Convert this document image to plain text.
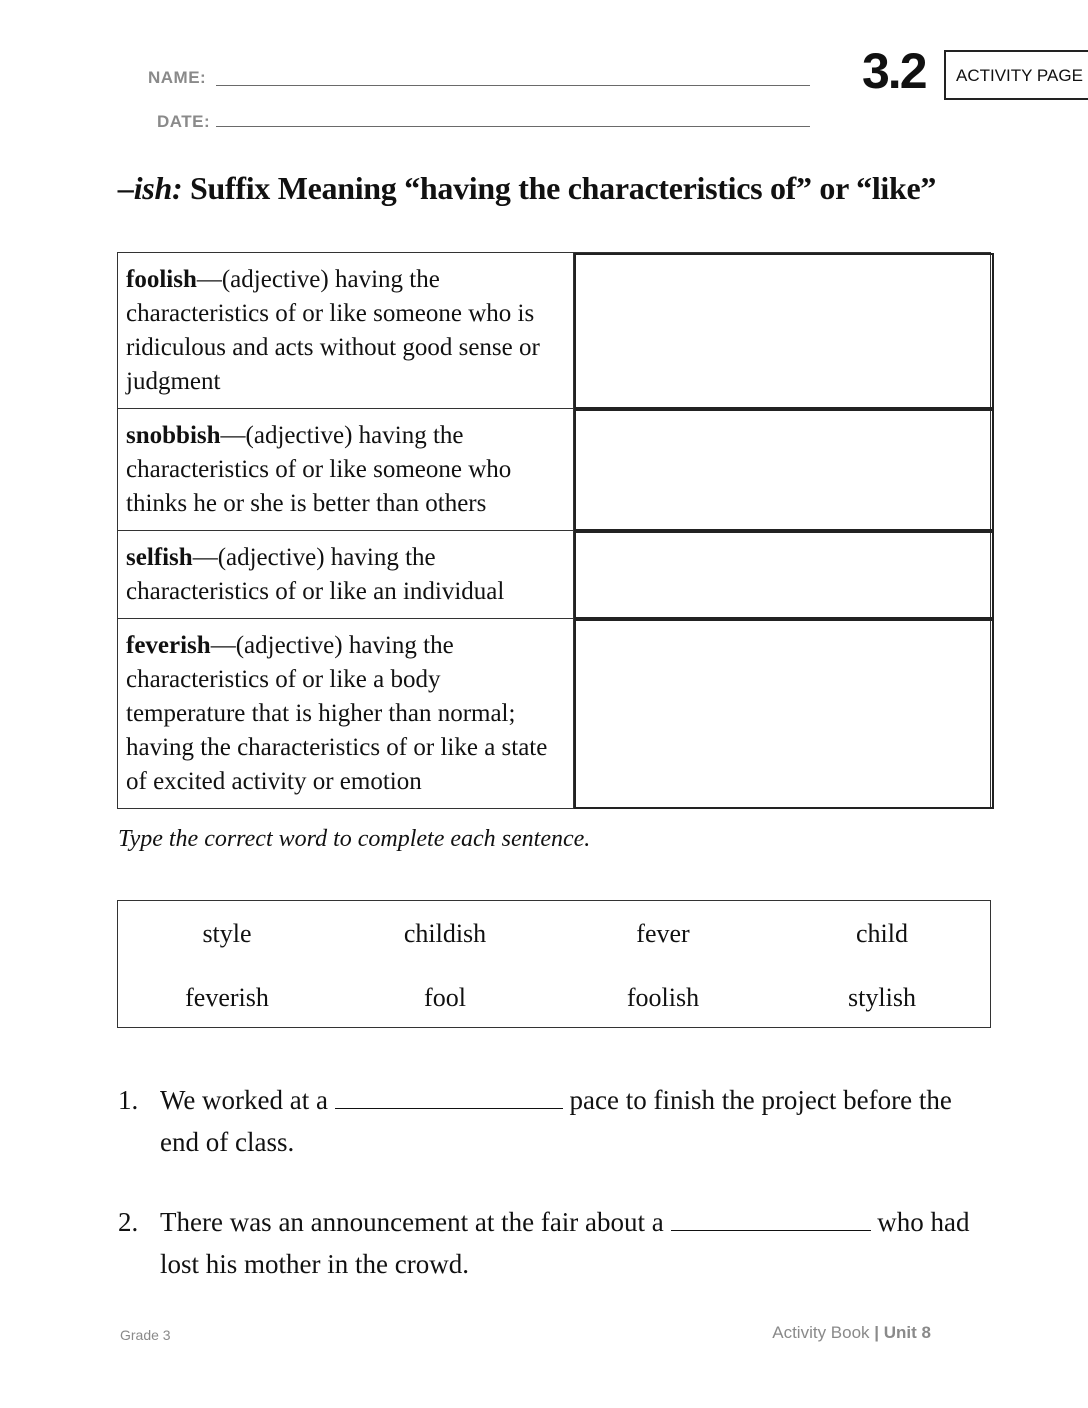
NAME:
DATE:
3.2 ACTIVITY PAGE
–ish: Suffix Meaning “having the characteristics of” or “like”
foolish—(adjective) having the characteristics of or like someone who is ridiculous and acts without good sense or judgment
snobbish—(adjective) having the characteristics of or like someone who thinks he or she is better than others
selfish—(adjective) having the characteristics of or like an individual
feverish—(adjective) having the characteristics of or like a body temperature that is higher than normal; having the characteristics of or like a state of excited activity or emotion
Type the correct word to complete each sentence.
style	childish	fever	child
feverish	fool	foolish	stylish
1. We worked at a	pace to finish the project before the end of class.
2. There was an announcement at the fair about a	who had lost his mother in the crowd.
Grade 3	Activity Book | Unit 8
